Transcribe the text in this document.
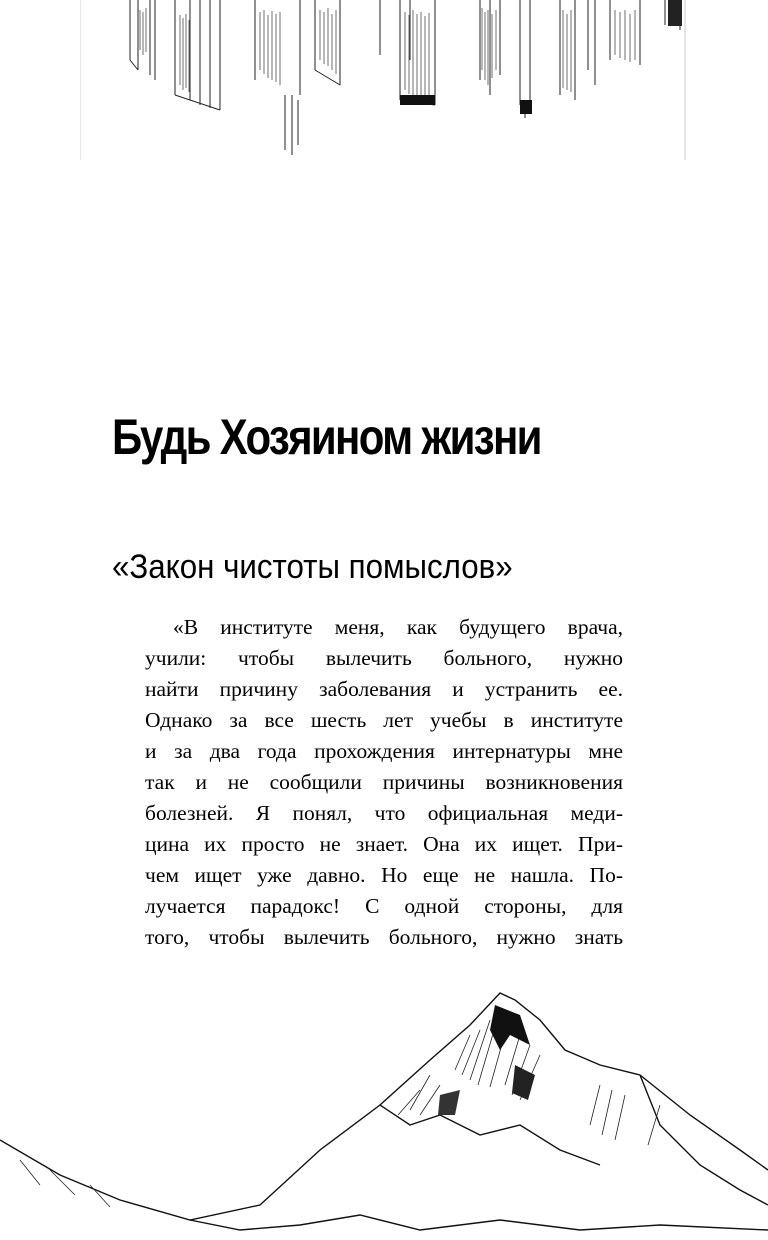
Будь Хозяином жизни
«Закон чистоты помыслов»
«В институте меня, как будущего врача,
учили: чтобы вылечить больного, нужно
найти причину заболевания и устранить ее.
Однако за все шесть лет учебы в институте
и за два года прохождения интернатуры мне
так и не сообщили причины возникновения
болезней. Я понял, что официальная меди-
цина их просто не знает. Она их ищет. При-
чем ищет уже давно. Но еще не нашла. По-
лучается парадокс! С одной стороны, для
того, чтобы вылечить больного, нужно знать
